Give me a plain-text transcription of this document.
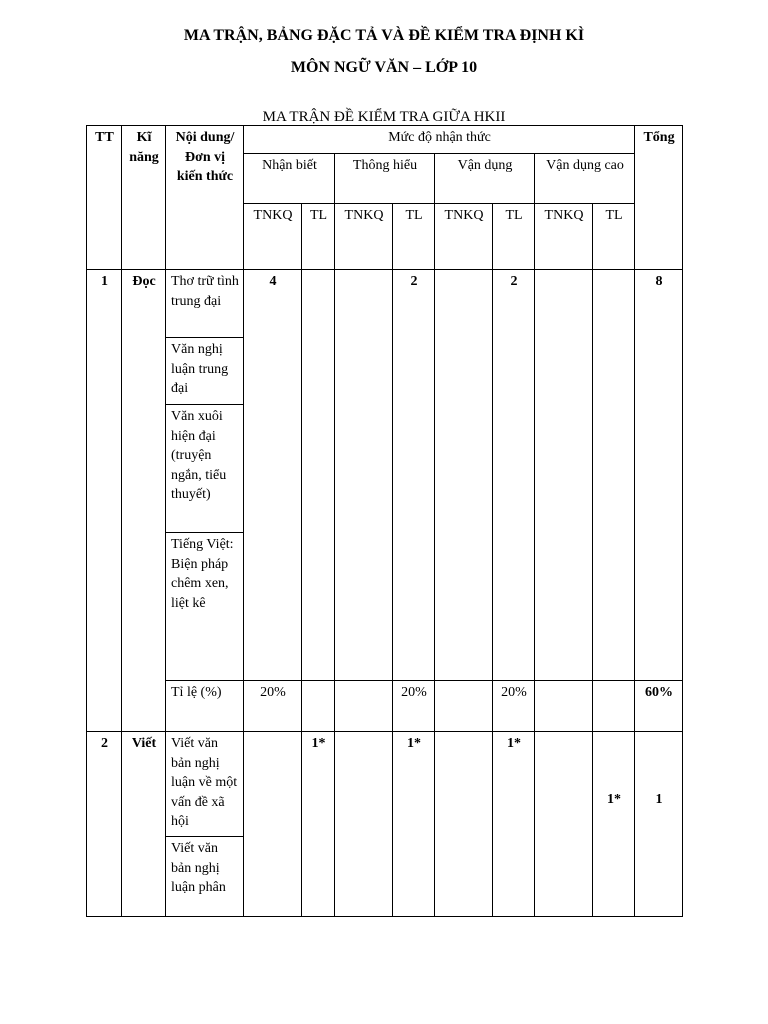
MA TRẬN, BẢNG ĐẶC TẢ VÀ ĐỀ KIỂM TRA ĐỊNH KÌ
MÔN NGỮ VĂN – LỚP 10
MA TRẬN ĐỀ KIỂM TRA GIỮA HKII
TT	Kĩ năng	Nội dung/Đơn vị kiến thức	Mức độ nhận thức								Tổng
			Nhận biết		Thông hiểu		Vận dụng		Vận dụng cao		
			TNKQ	TL	TNKQ	TL	TNKQ	TL	TNKQ	TL	
1	Đọc	Thơ trữ tình trung đại	4			2		2			8
		Văn nghị luận trung đại									
		Văn xuôi hiện đại (truyện ngắn, tiểu thuyết)									
		Tiếng Việt: Biện pháp chêm xen, liệt kê									
		Tỉ lệ (%)	20%			20%		20%			60%
2	Viết	Viết văn bản nghị luận về một vấn đề xã hội		1*		1*		1*		1*	1
		Viết văn bản nghị luận phân									
